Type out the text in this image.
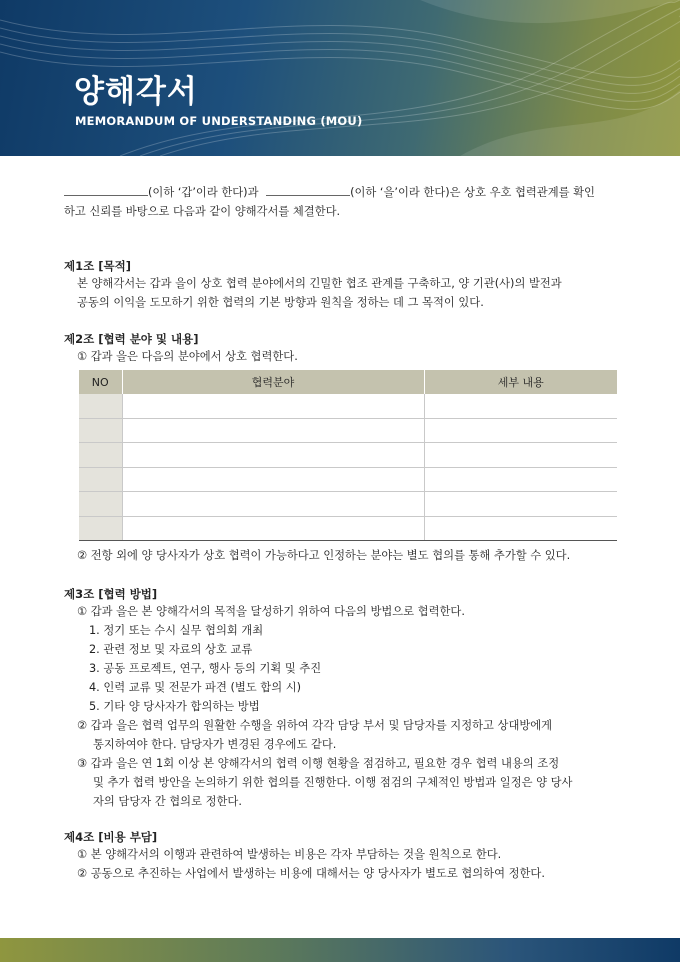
양해각서
MEMORANDUM OF UNDERSTANDING (MOU)
(이하 ‘갑’이라 한다)과	(이하 ‘을’이라 한다)은 상호 우호 협력관계를 확인
하고 신뢰를 바탕으로 다음과 같이 양해각서를 체결한다.
제1조 [목적]
본 양해각서는 갑과 을이 상호 협력 분야에서의 긴밀한 협조 관계를 구축하고, 양 기관(사)의 발전과
공동의 이익을 도모하기 위한 협력의 기본 방향과 원칙을 정하는 데 그 목적이 있다.
제2조 [협력 분야 및 내용]
① 갑과 을은 다음의 분야에서 상호 협력한다.
NO	협력분야	세부 내용

② 전항 외에 양 당사자가 상호 협력이 가능하다고 인정하는 분야는 별도 협의를 통해 추가할 수 있다.
제3조 [협력 방법]
① 갑과 을은 본 양해각서의 목적을 달성하기 위하여 다음의 방법으로 협력한다.
1. 정기 또는 수시 실무 협의회 개최
2. 관련 정보 및 자료의 상호 교류
3. 공동 프로젝트, 연구, 행사 등의 기획 및 추진
4. 인력 교류 및 전문가 파견 (별도 합의 시)
5. 기타 양 당사자가 합의하는 방법
② 갑과 을은 협력 업무의 원활한 수행을 위하여 각각 담당 부서 및 담당자를 지정하고 상대방에게
통지하여야 한다. 담당자가 변경된 경우에도 같다.
③ 갑과 을은 연 1회 이상 본 양해각서의 협력 이행 현황을 점검하고, 필요한 경우 협력 내용의 조정
및 추가 협력 방안을 논의하기 위한 협의를 진행한다. 이행 점검의 구체적인 방법과 일정은 양 당사
자의 담당자 간 협의로 정한다.
제4조 [비용 부담]
① 본 양해각서의 이행과 관련하여 발생하는 비용은 각자 부담하는 것을 원칙으로 한다.
② 공동으로 추진하는 사업에서 발생하는 비용에 대해서는 양 당사자가 별도로 협의하여 정한다.
